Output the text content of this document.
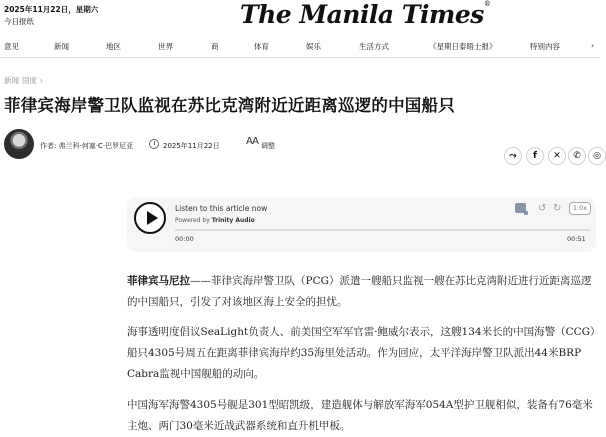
2025年11月22日，星期六
今日报纸	The Manila Times®
意见	新闻	地区	世界	商	体育	娱乐	生活方式	《星期日泰晤士报》	特别内容	›
新闻 国度 ›
菲律宾海岸警卫队监视在苏比克湾附近近距离巡逻的中国船只
作者: 弗兰科·何塞·C·巴罗尼亚	2025年11月22日	AA 调整
⤳	f	✕	✆	◎
Listen to this article now
Powered by Trinity Audio
↺ ↻	1.0x
00:00	00:51

菲律宾马尼拉——菲律宾海岸警卫队（PCG）派遣一艘船只监视一艘在苏比克湾附近进行近距离巡逻的中国船只，引发了对该地区海上安全的担忧。

海事透明度倡议SeaLight负责人、前美国空军军官雷·鲍威尔表示，这艘134米长的中国海警（CCG）船只4305号周五在距离菲律宾海岸约35海里处活动。作为回应，太平洋海岸警卫队派出44米BRP Cabra监视中国舰船的动向。

中国海军海警4305号舰是301型昭凯级，建造舰体与解放军海军054A型护卫舰相似，装备有76毫米主炮、两门30毫米近战武器系统和直升机甲板。
